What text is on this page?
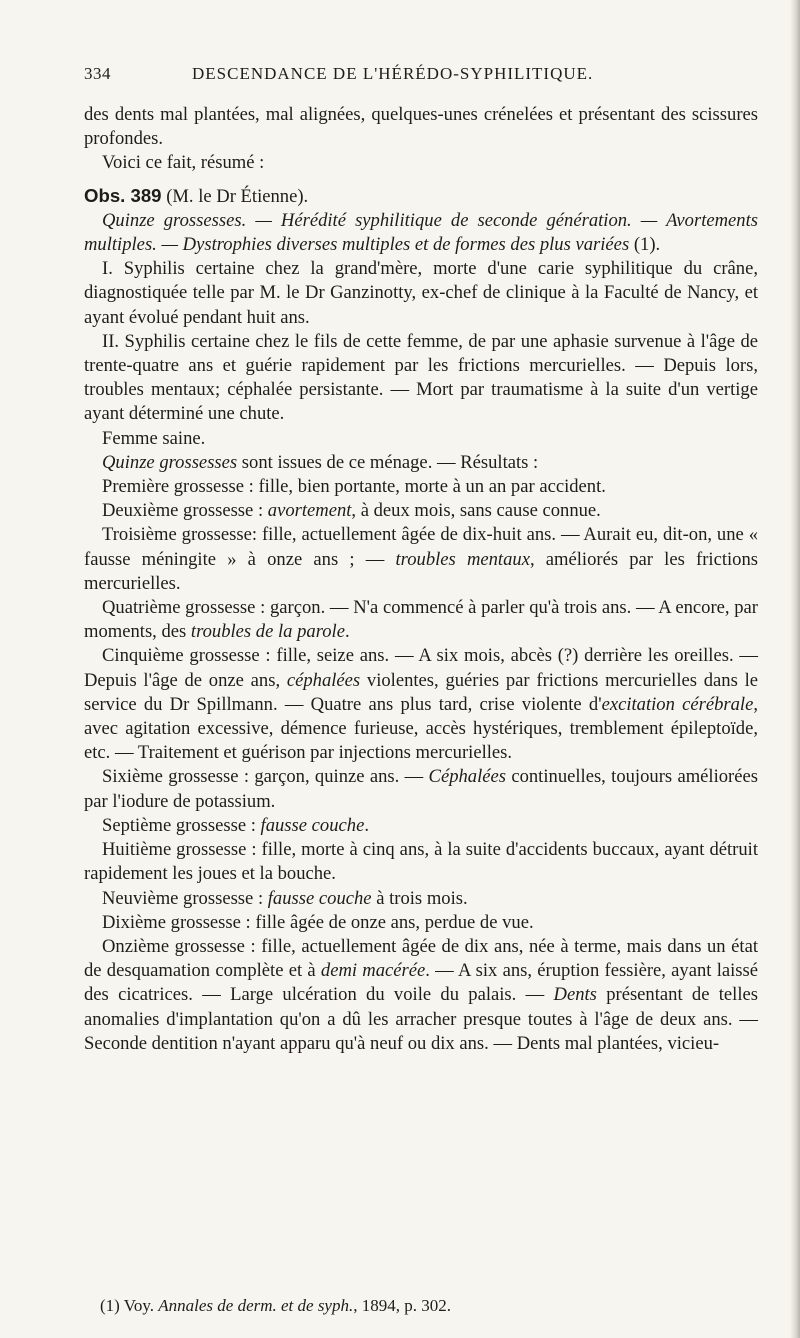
334	DESCENDANCE DE L'HÉRÉDO-SYPHILITIQUE.

des dents mal plantées, mal alignées, quelques-unes crénelées et présentant des scissures profondes.

Voici ce fait, résumé :

Obs. 389 (M. le Dr Étienne).

Quinze grossesses. — Hérédité syphilitique de seconde génération. — Avortements multiples. — Dystrophies diverses multiples et de formes des plus variées (1).

I. Syphilis certaine chez la grand'mère, morte d'une carie syphilitique du crâne, diagnostiquée telle par M. le Dr Ganzinotty, ex-chef de clinique à la Faculté de Nancy, et ayant évolué pendant huit ans.

II. Syphilis certaine chez le fils de cette femme, de par une aphasie survenue à l'âge de trente-quatre ans et guérie rapidement par les frictions mercurielles. — Depuis lors, troubles mentaux; céphalée persistante. — Mort par traumatisme à la suite d'un vertige ayant déterminé une chute.

Femme saine.

Quinze grossesses sont issues de ce ménage. — Résultats :

Première grossesse : fille, bien portante, morte à un an par accident.

Deuxième grossesse : avortement, à deux mois, sans cause connue.

Troisième grossesse: fille, actuellement âgée de dix-huit ans. — Aurait eu, dit-on, une « fausse méningite » à onze ans ; — troubles mentaux, améliorés par les frictions mercurielles.

Quatrième grossesse : garçon. — N'a commencé à parler qu'à trois ans. — A encore, par moments, des troubles de la parole.

Cinquième grossesse : fille, seize ans. — A six mois, abcès (?) derrière les oreilles. — Depuis l'âge de onze ans, céphalées violentes, guéries par frictions mercurielles dans le service du Dr Spillmann. — Quatre ans plus tard, crise violente d'excitation cérébrale, avec agitation excessive, démence furieuse, accès hystériques, tremblement épileptoïde, etc. — Traitement et guérison par injections mercurielles.

Sixième grossesse : garçon, quinze ans. — Céphalées continuelles, toujours améliorées par l'iodure de potassium.

Septième grossesse : fausse couche.

Huitième grossesse : fille, morte à cinq ans, à la suite d'accidents buccaux, ayant détruit rapidement les joues et la bouche.

Neuvième grossesse : fausse couche à trois mois.

Dixième grossesse : fille âgée de onze ans, perdue de vue.

Onzième grossesse : fille, actuellement âgée de dix ans, née à terme, mais dans un état de desquamation complète et à demi macérée. — A six ans, éruption fessière, ayant laissé des cicatrices. — Large ulcération du voile du palais. — Dents présentant de telles anomalies d'implantation qu'on a dû les arracher presque toutes à l'âge de deux ans. — Seconde dentition n'ayant apparu qu'à neuf ou dix ans. — Dents mal plantées, vicieu-

(1) Voy. Annales de derm. et de syph., 1894, p. 302.
